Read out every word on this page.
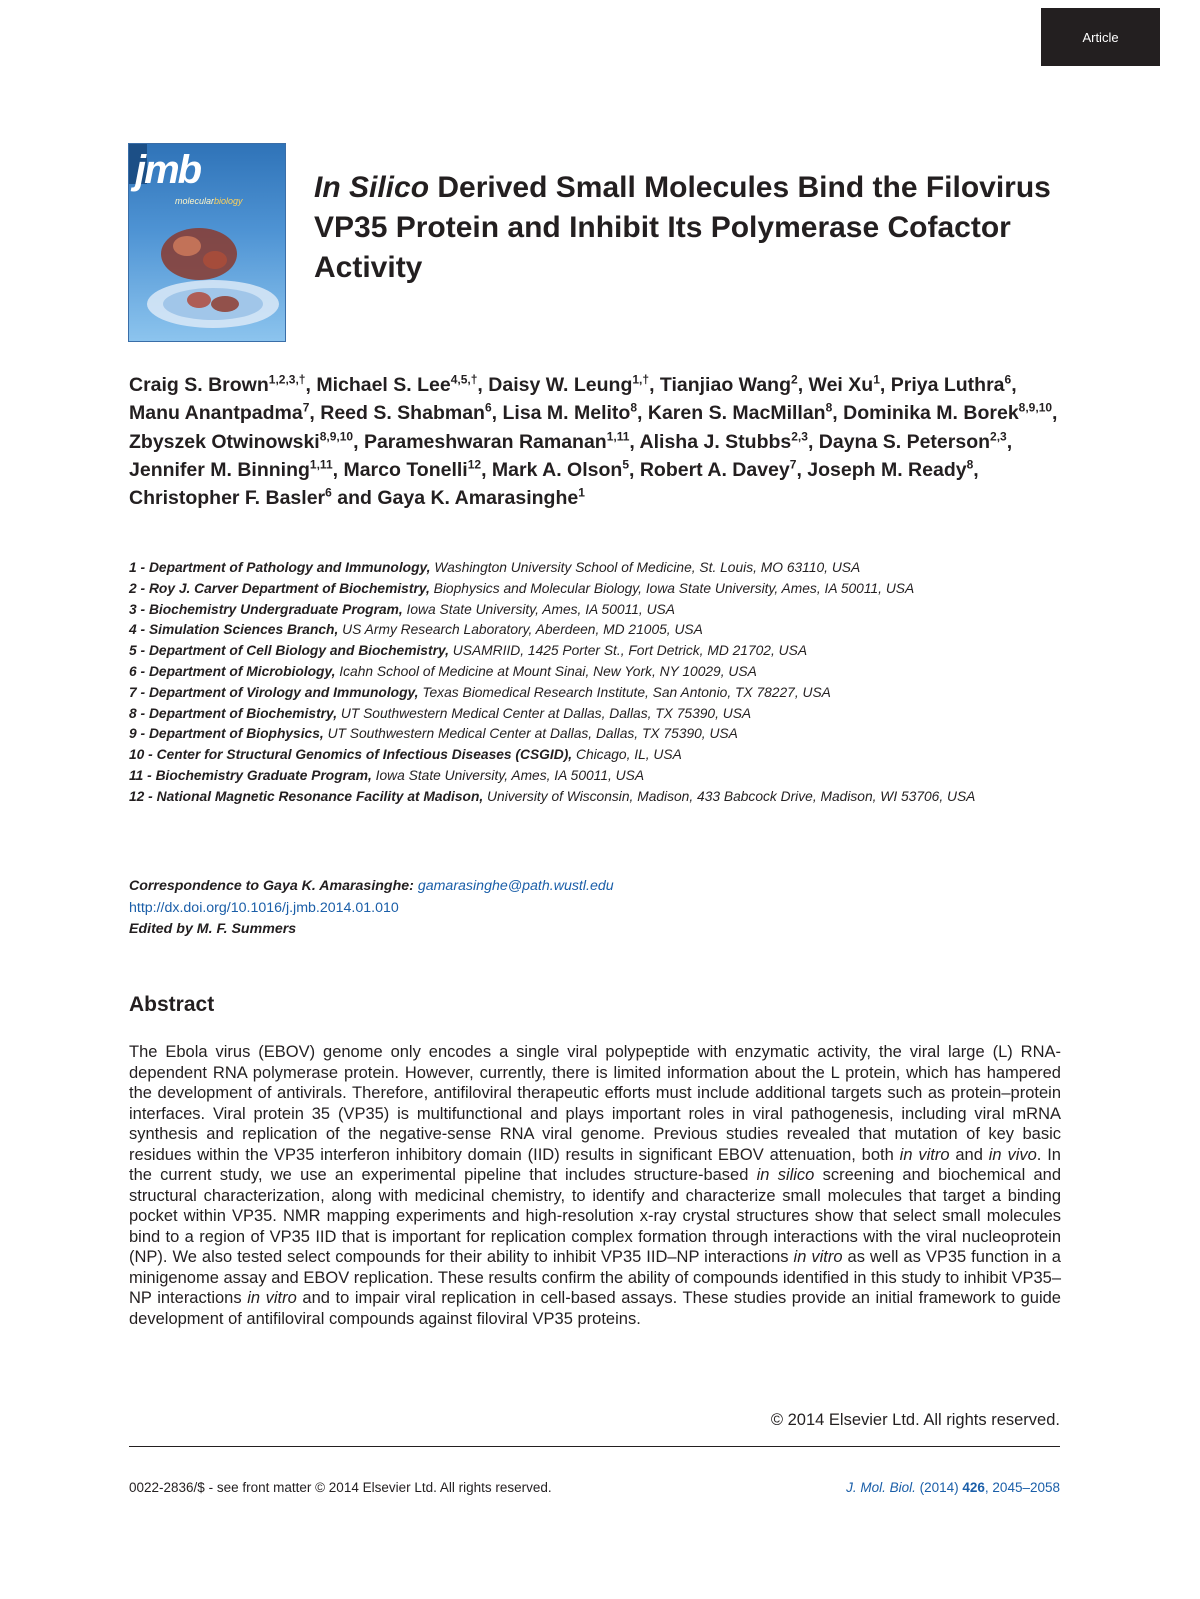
Article
jmb
molecularbiology In Silico Derived Small Molecules Bind the Filovirus VP35 Protein and Inhibit Its Polymerase Cofactor Activity

Craig S. Brown$^{1,2,3,\dagger}$, Michael S. Lee$^{4,5,\dagger}$, Daisy W. Leung$^{1,\dagger}$, Tianjiao Wang$^2$, Wei Xu$^1$, Priya Luthra$^6$, Manu Anantpadma$^7$, Reed S. Shabman$^6$, Lisa M. Melito$^8$, Karen S. MacMillan$^8$, Dominika M. Borek$^{8,9,10}$, Zbyszek Otwinowski$^{8,9,10}$, Parameshwaran Ramanan$^{1,11}$, Alisha J. Stubbs$^{2,3}$, Dayna S. Peterson$^{2,3}$, Jennifer M. Binning$^{1,11}$, Marco Tonelli$^{12}$, Mark A. Olson$^5$, Robert A. Davey$^7$, Joseph M. Ready$^8$, Christopher F. Basler$^6$ and Gaya K. Amarasinghe$^1$

1 - Department of Pathology and Immunology, Washington University School of Medicine, St. Louis, MO 63110, USA
2 - Roy J. Carver Department of Biochemistry, Biophysics and Molecular Biology, Iowa State University, Ames, IA 50011, USA
3 - Biochemistry Undergraduate Program, Iowa State University, Ames, IA 50011, USA
4 - Simulation Sciences Branch, US Army Research Laboratory, Aberdeen, MD 21005, USA
5 - Department of Cell Biology and Biochemistry, USAMRIID, 1425 Porter St., Fort Detrick, MD 21702, USA
6 - Department of Microbiology, Icahn School of Medicine at Mount Sinai, New York, NY 10029, USA
7 - Department of Virology and Immunology, Texas Biomedical Research Institute, San Antonio, TX 78227, USA
8 - Department of Biochemistry, UT Southwestern Medical Center at Dallas, Dallas, TX 75390, USA
9 - Department of Biophysics, UT Southwestern Medical Center at Dallas, Dallas, TX 75390, USA
10 - Center for Structural Genomics of Infectious Diseases (CSGID), Chicago, IL, USA
11 - Biochemistry Graduate Program, Iowa State University, Ames, IA 50011, USA
12 - National Magnetic Resonance Facility at Madison, University of Wisconsin, Madison, 433 Babcock Drive, Madison, WI 53706, USA
Correspondence to Gaya K. Amarasinghe: gamarasinghe@path.wustl.edu
http://dx.doi.org/10.1016/j.jmb.2014.01.010
Edited by M. F. Summers
Abstract

The Ebola virus (EBOV) genome only encodes a single viral polypeptide with enzymatic activity, the viral large (L) RNA-dependent RNA polymerase protein. However, currently, there is limited information about the L protein, which has hampered the development of antivirals. Therefore, antifiloviral therapeutic efforts must include additional targets such as protein–protein interfaces. Viral protein 35 (VP35) is multifunctional and plays important roles in viral pathogenesis, including viral mRNA synthesis and replication of the negative-sense RNA viral genome. Previous studies revealed that mutation of key basic residues within the VP35 interferon inhibitory domain (IID) results in significant EBOV attenuation, both in vitro and in vivo. In the current study, we use an experimental pipeline that includes structure-based in silico screening and biochemical and structural characterization, along with medicinal chemistry, to identify and characterize small molecules that target a binding pocket within VP35. NMR mapping experiments and high-resolution x-ray crystal structures show that select small molecules bind to a region of VP35 IID that is important for replication complex formation through interactions with the viral nucleoprotein (NP). We also tested select compounds for their ability to inhibit VP35 IID–NP interactions in vitro as well as VP35 function in a minigenome assay and EBOV replication. These results confirm the ability of compounds identified in this study to inhibit VP35–NP interactions in vitro and to impair viral replication in cell-based assays. These studies provide an initial framework to guide development of antifiloviral compounds against filoviral VP35 proteins.

© 2014 Elsevier Ltd. All rights reserved.
0022-2836/$ - see front matter © 2014 Elsevier Ltd. All rights reserved.	J. Mol. Biol. (2014) 426, 2045–2058
